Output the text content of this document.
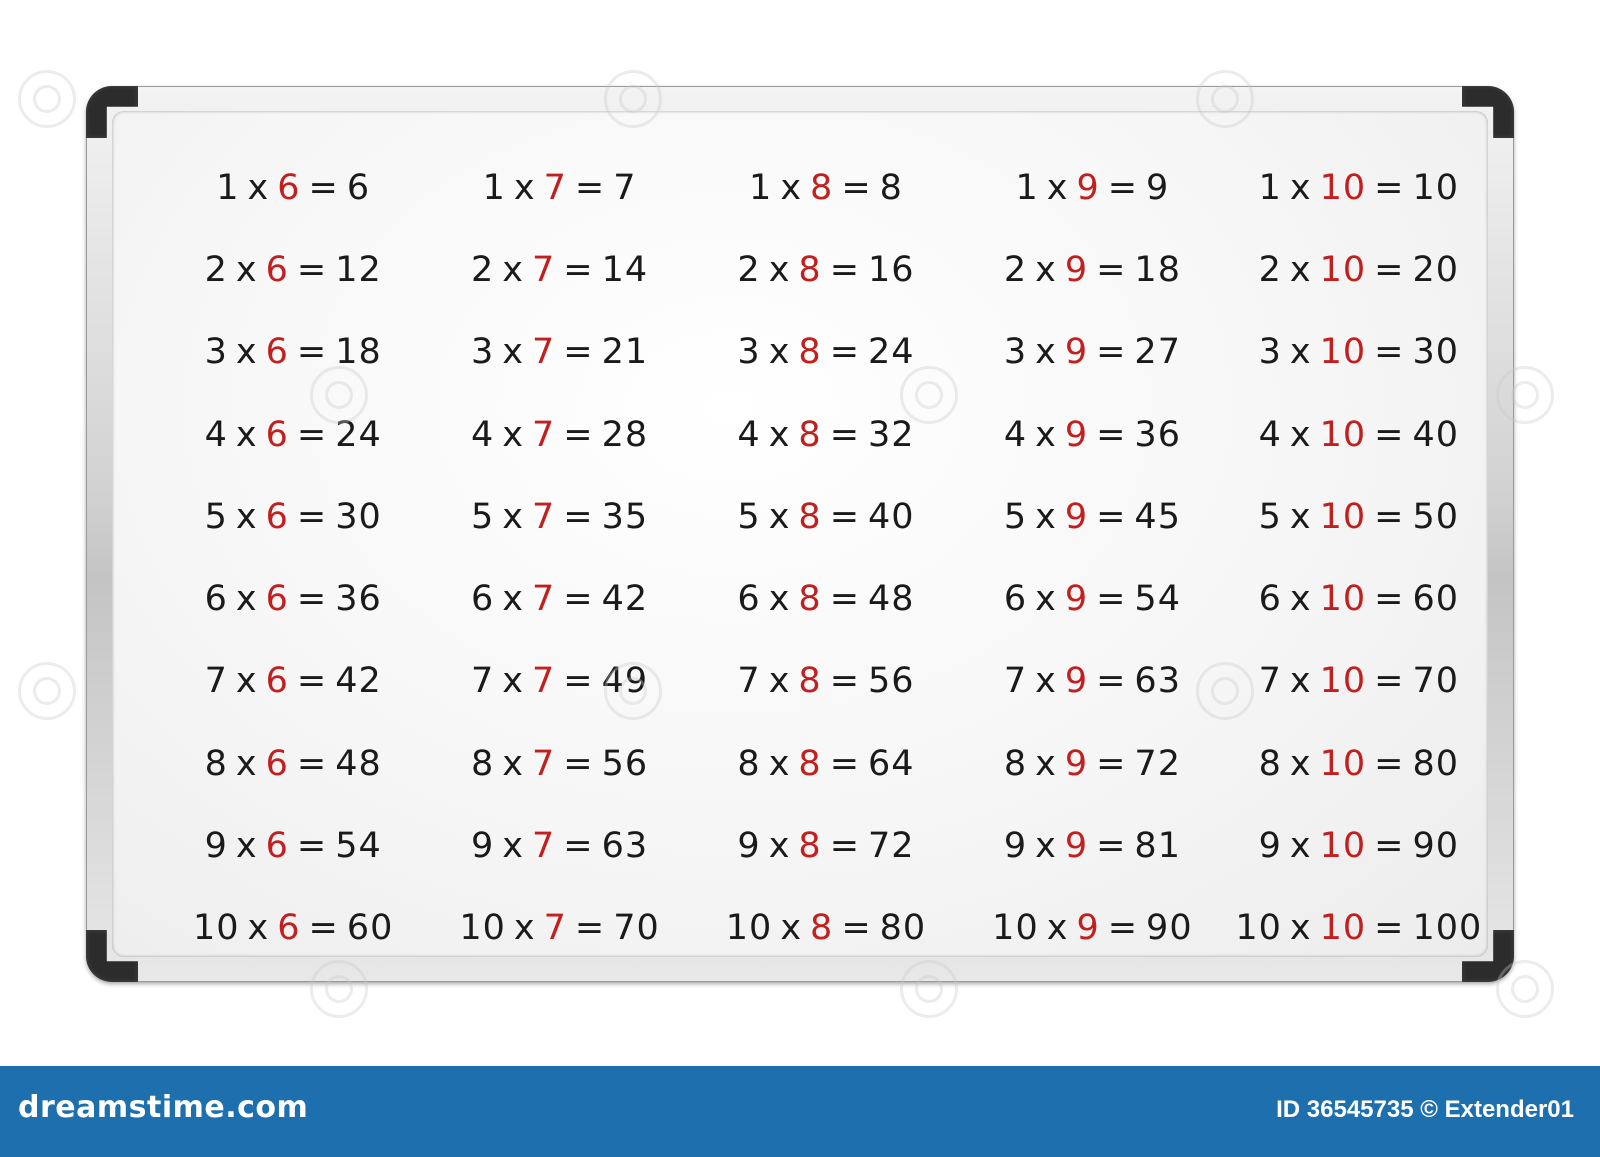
1 x 6 = 6
2 x 6 = 12
3 x 6 = 18
4 x 6 = 24
5 x 6 = 30
6 x 6 = 36
7 x 6 = 42
8 x 6 = 48
9 x 6 = 54
10 x 6 = 60
1 x 7 = 7
2 x 7 = 14
3 x 7 = 21
4 x 7 = 28
5 x 7 = 35
6 x 7 = 42
7 x 7 = 49
8 x 7 = 56
9 x 7 = 63
10 x 7 = 70
1 x 8 = 8
2 x 8 = 16
3 x 8 = 24
4 x 8 = 32
5 x 8 = 40
6 x 8 = 48
7 x 8 = 56
8 x 8 = 64
9 x 8 = 72
10 x 8 = 80
1 x 9 = 9
2 x 9 = 18
3 x 9 = 27
4 x 9 = 36
5 x 9 = 45
6 x 9 = 54
7 x 9 = 63
8 x 9 = 72
9 x 9 = 81
10 x 9 = 90
1 x 10 = 10
2 x 10 = 20
3 x 10 = 30
4 x 10 = 40
5 x 10 = 50
6 x 10 = 60
7 x 10 = 70
8 x 10 = 80
9 x 10 = 90
10 x 10 = 100
dreamstime.com	ID 36545735 © Extender01
